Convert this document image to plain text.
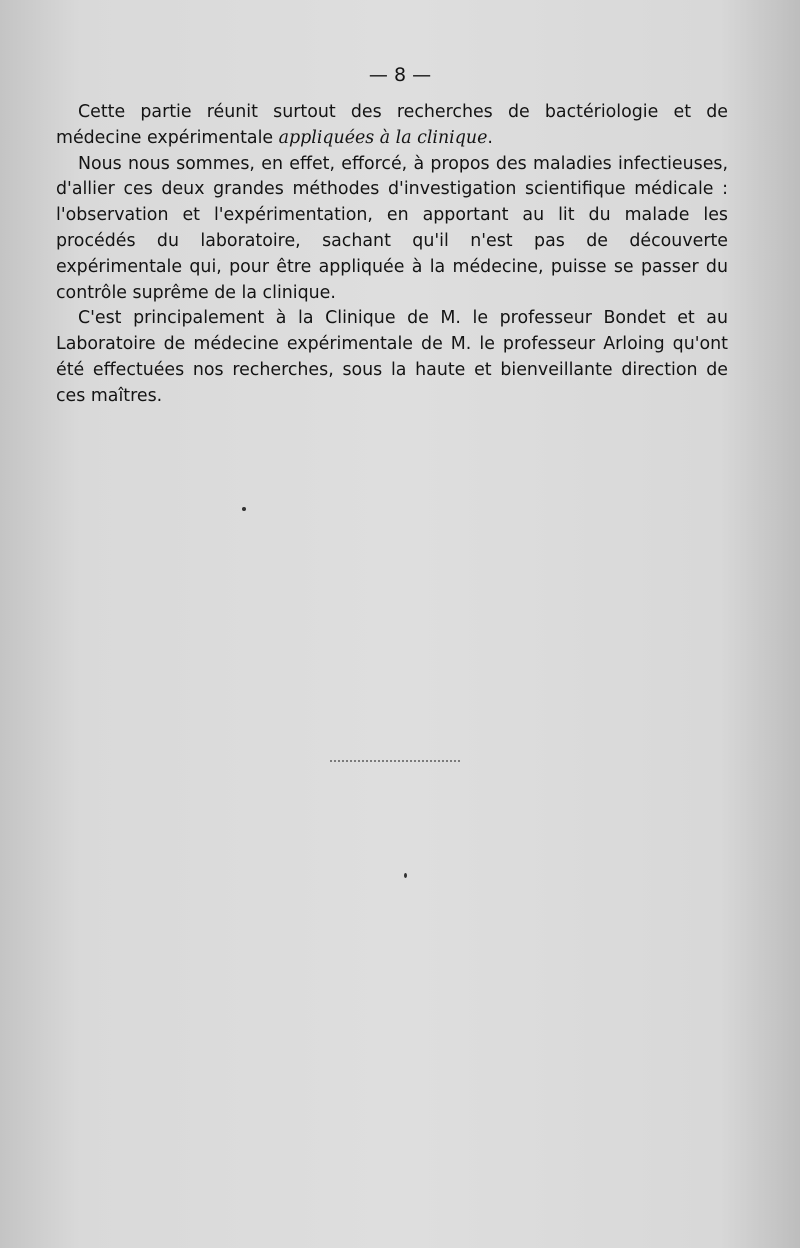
— 8 —

Cette partie réunit surtout des recherches de bactériologie et de médecine expérimentale appliquées à la clinique.

Nous nous sommes, en effet, efforcé, à propos des maladies infectieuses, d'allier ces deux grandes méthodes d'investigation scientifique médicale : l'observation et l'expérimentation, en apportant au lit du malade les procédés du laboratoire, sachant qu'il n'est pas de découverte expérimentale qui, pour être appliquée à la médecine, puisse se passer du contrôle suprême de la clinique.

C'est principalement à la Clinique de M. le professeur Bondet et au Laboratoire de médecine expérimentale de M. le professeur Arloing qu'ont été effectuées nos recherches, sous la haute et bienveillante direction de ces maîtres.
